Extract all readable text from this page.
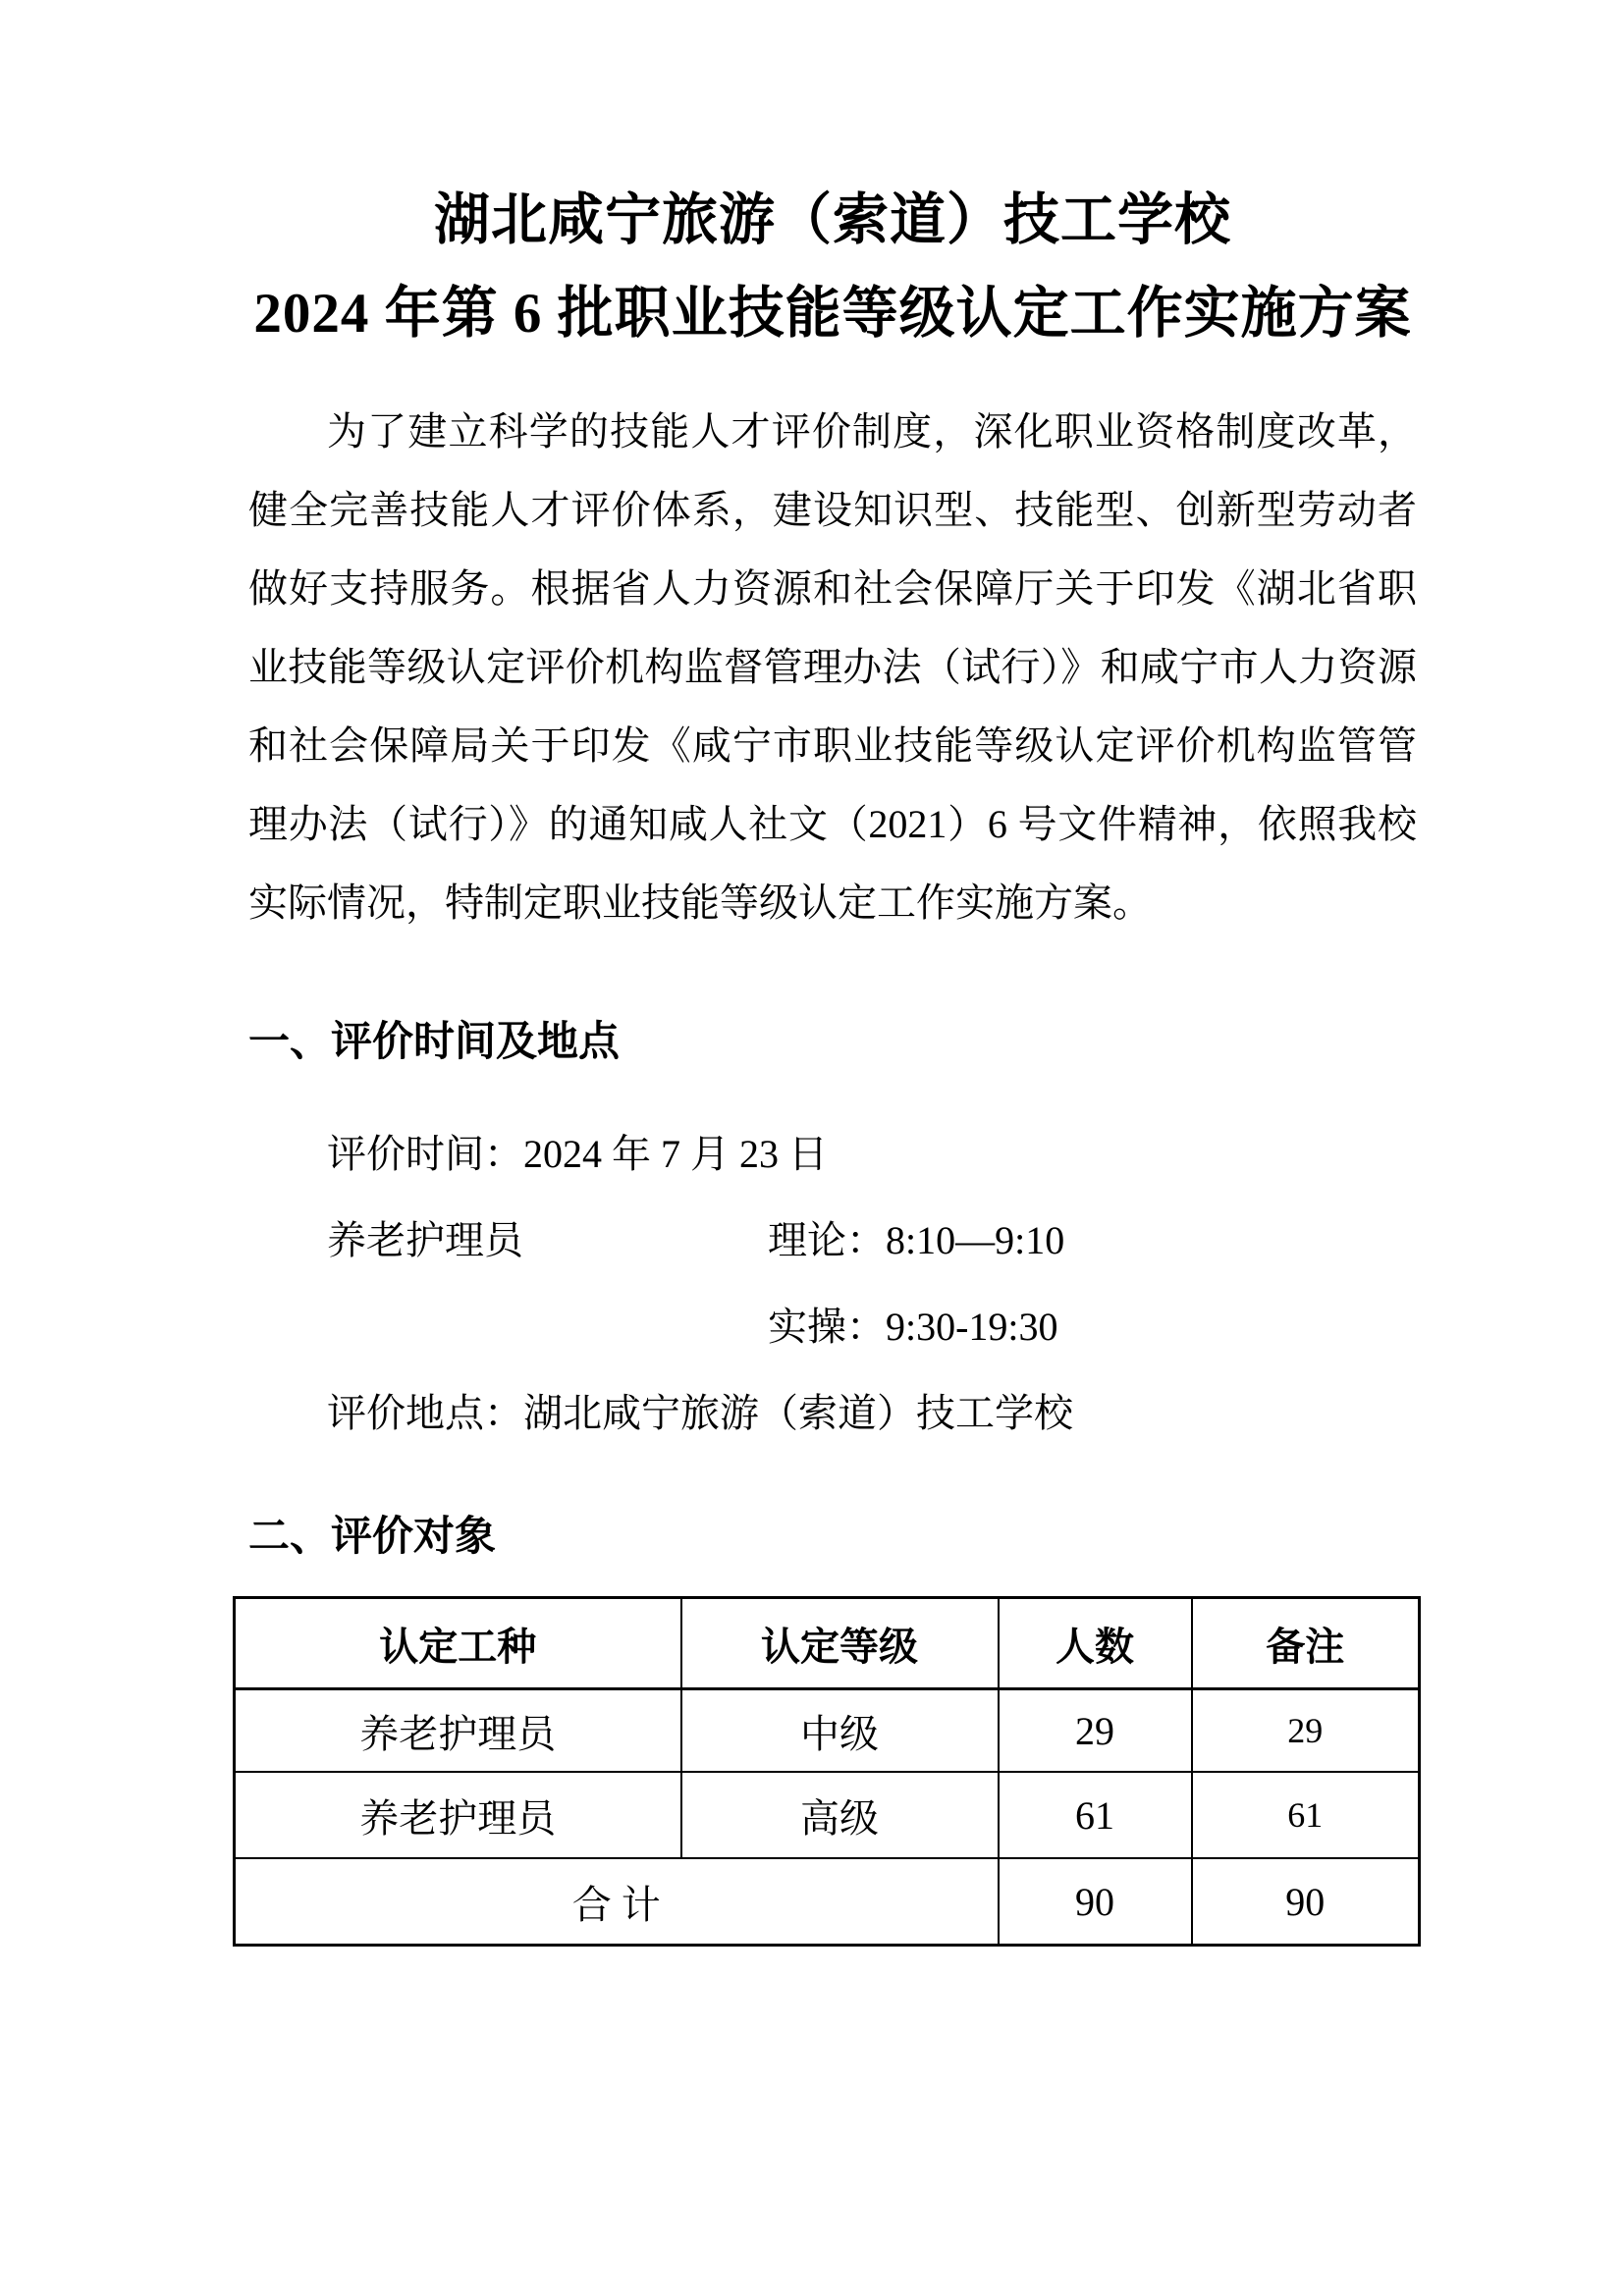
湖北咸宁旅游（索道）技工学校
2024 年第 6 批职业技能等级认定工作实施方案
为了建立科学的技能人才评价制度，深化职业资格制度改革，健全完善技能人才评价体系，建设知识型、技能型、创新型劳动者做好支持服务。根据省人力资源和社会保障厅关于印发《湖北省职业技能等级认定评价机构监督管理办法（试行）》和咸宁市人力资源和社会保障局关于印发《咸宁市职业技能等级认定评价机构监管管理办法（试行）》的通知咸人社文（2021）6 号文件精神，依照我校实际情况，特制定职业技能等级认定工作实施方案。
一、评价时间及地点
评价时间：2024 年 7 月 23 日
养老护理员	理论：8:10—9:10
实操：9:30-19:30
评价地点：湖北咸宁旅游（索道）技工学校
二、评价对象
认定工种	认定等级	人数	备注
养老护理员	中级	29	29
养老护理员	高级	61	61
合 计		90	90
